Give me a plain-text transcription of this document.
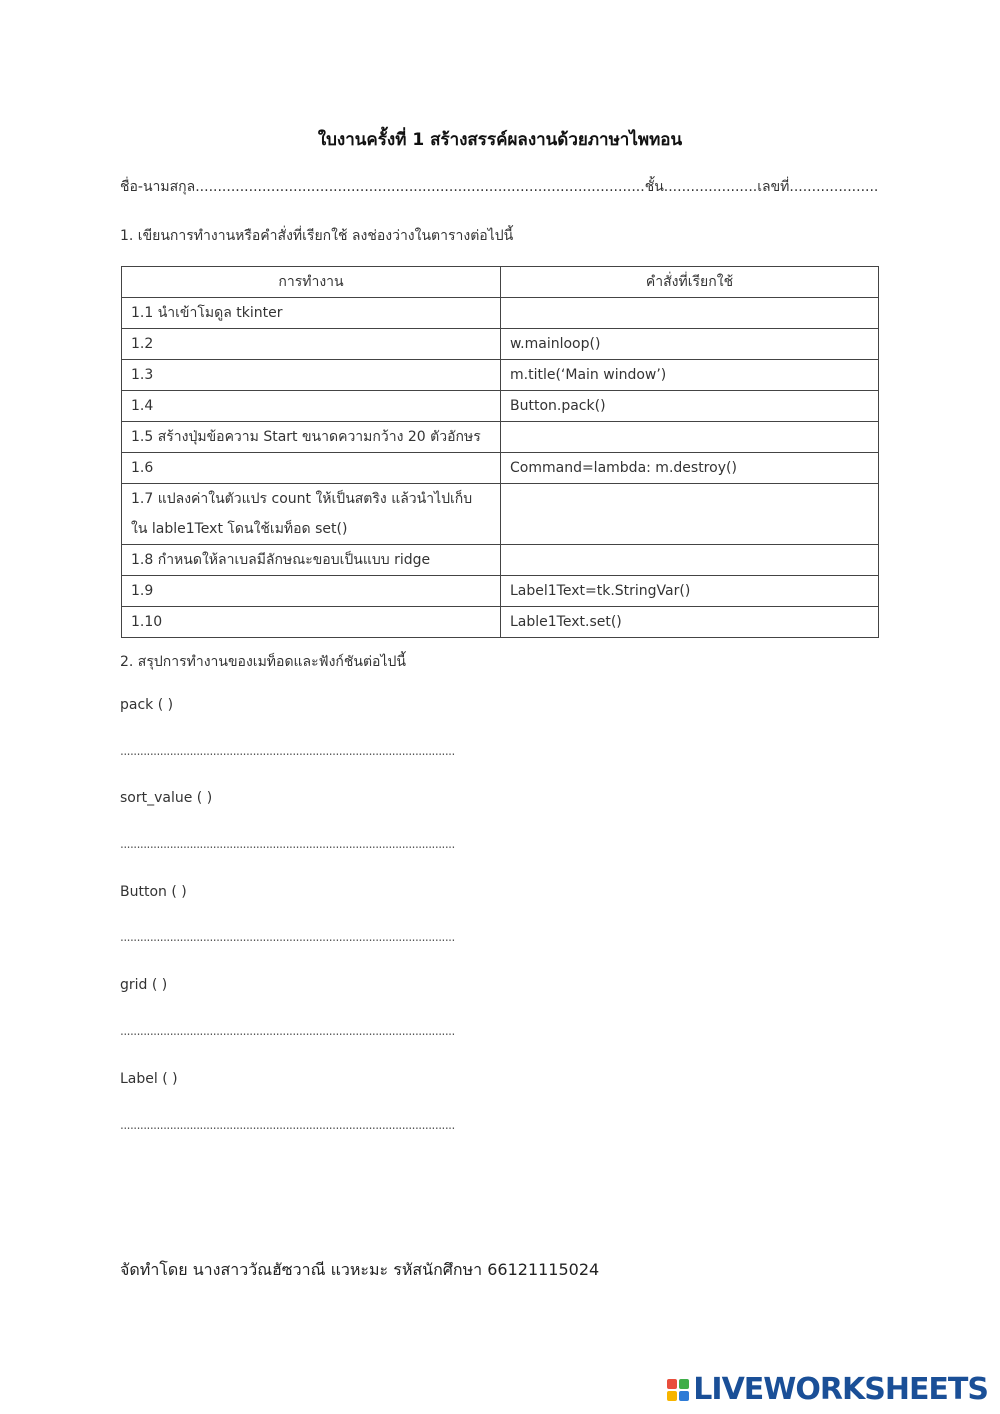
ใบงานครั้งที่ 1 สร้างสรรค์ผลงานด้วยภาษาไพทอน
ชื่อ-นามสกุล.....................................................................................................ชั้น.....................เลขที่....................
1. เขียนการทำงานหรือคำสั่งที่เรียกใช้ ลงช่องว่างในตารางต่อไปนี้
การทำงาน	คำสั่งที่เรียกใช้
1.1 นำเข้าโมดูล tkinter	
1.2	w.mainloop()
1.3	m.title(‘Main window’)
1.4	Button.pack()
1.5 สร้างปุ่มข้อความ Start ขนาดความกว้าง 20 ตัวอักษร	
1.6	Command=lambda: m.destroy()

1.7 แปลงค่าในตัวแปร count ให้เป็นสตริง แล้วนำไปเก็บ
ใน lable1Text โดนใช้เมท็อด set()	

1.8 กำหนดให้ลาเบลมีลักษณะขอบเป็นแบบ ridge	
1.9	Label1Text=tk.StringVar()
1.10	Lable1Text.set()
2. สรุปการทำงานของเมท็อดและฟังก์ชันต่อไปนี้
pack ( )
.....................................................................................................
sort_value ( )
.....................................................................................................
Button ( )
.....................................................................................................
grid ( )
.....................................................................................................
Label ( )
.....................................................................................................
จัดทำโดย นางสาววัณฮัซวาณี แวหะมะ รหัสนักศึกษา 66121115024
LIVEWORKSHEETS
